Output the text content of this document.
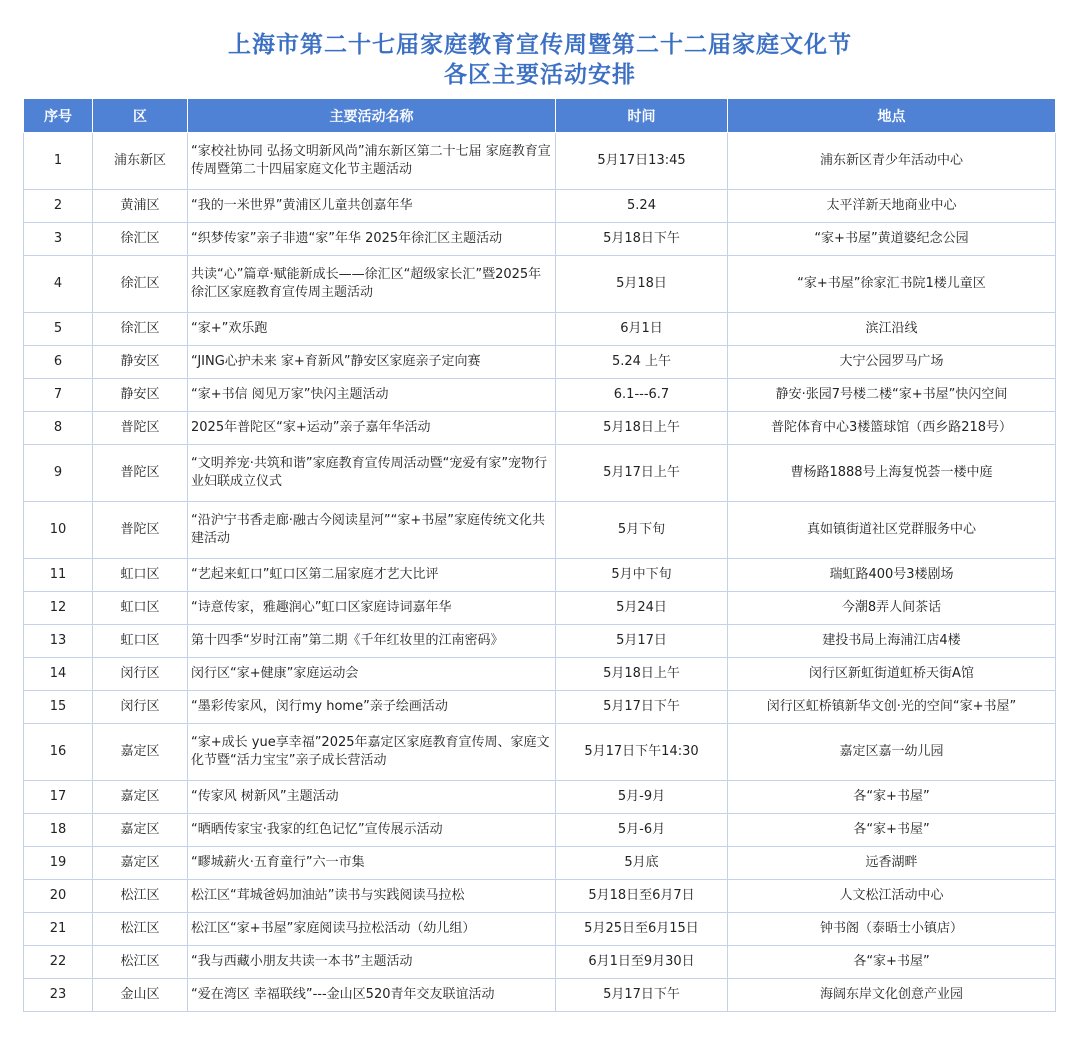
上海市第二十七届家庭教育宣传周暨第二十二届家庭文化节
各区主要活动安排
序号	区	主要活动名称	时间	地点
1	浦东新区	“家校社协同 弘扬文明新风尚”浦东新区第二十七届 家庭教育宣传周暨第二十四届家庭文化节主题活动	5月17日13:45	浦东新区青少年活动中心
2	黄浦区	“我的一米世界”黄浦区儿童共创嘉年华	5.24	太平洋新天地商业中心
3	徐汇区	“织梦传家”亲子非遗“家”年华 2025年徐汇区主题活动	5月18日下午	“家+书屋”黄道婆纪念公园
4	徐汇区	共读“心”篇章·赋能新成长——徐汇区“超级家长汇”暨2025年徐汇区家庭教育宣传周主题活动	5月18日	“家+书屋”徐家汇书院1楼儿童区
5	徐汇区	“家+”欢乐跑	6月1日	滨江沿线
6	静安区	“JING心护未来 家+育新风”静安区家庭亲子定向赛	5.24 上午	大宁公园罗马广场
7	静安区	“家+书信 阅见万家”快闪主题活动	6.1---6.7	静安·张园7号楼二楼“家+书屋”快闪空间
8	普陀区	2025年普陀区“家+运动”亲子嘉年华活动	5月18日上午	普陀体育中心3楼篮球馆（西乡路218号）
9	普陀区	“文明养宠·共筑和谐”家庭教育宣传周活动暨“宠爱有家”宠物行业妇联成立仪式	5月17日上午	曹杨路1888号上海复悦荟一楼中庭
10	普陀区	“沿沪宁书香走廊·融古今阅读星河”“家+书屋”家庭传统文化共建活动	5月下旬	真如镇街道社区党群服务中心
11	虹口区	“艺起来虹口”虹口区第二届家庭才艺大比评	5月中下旬	瑞虹路400号3楼剧场
12	虹口区	“诗意传家，雅趣润心”虹口区家庭诗词嘉年华	5月24日	今潮8弄人间茶话
13	虹口区	第十四季“岁时江南”第二期《千年红妆里的江南密码》	5月17日	建投书局上海浦江店4楼
14	闵行区	闵行区“家+健康”家庭运动会	5月18日上午	闵行区新虹街道虹桥天街A馆
15	闵行区	“墨彩传家风，闵行my home”亲子绘画活动	5月17日下午	闵行区虹桥镇新华文创·光的空间“家+书屋”
16	嘉定区	“家+成长 yue享幸福”2025年嘉定区家庭教育宣传周、家庭文化节暨“活力宝宝”亲子成长营活动	5月17日下午14:30	嘉定区嘉一幼儿园
17	嘉定区	“传家风 树新风”主题活动	5月-9月	各“家+书屋”
18	嘉定区	“晒晒传家宝·我家的红色记忆”宣传展示活动	5月-6月	各“家+书屋”
19	嘉定区	“疁城薪火·五育童行”六一市集	5月底	远香湖畔
20	松江区	松江区“茸城爸妈加油站”读书与实践阅读马拉松	5月18日至6月7日	人文松江活动中心
21	松江区	松江区“家+书屋”家庭阅读马拉松活动（幼儿组）	5月25日至6月15日	钟书阁（泰晤士小镇店）
22	松江区	“我与西藏小朋友共读一本书”主题活动	6月1日至9月30日	各“家+书屋”
23	金山区	“爱在湾区 幸福联线”---金山区520青年交友联谊活动	5月17日下午	海阔东岸文化创意产业园
